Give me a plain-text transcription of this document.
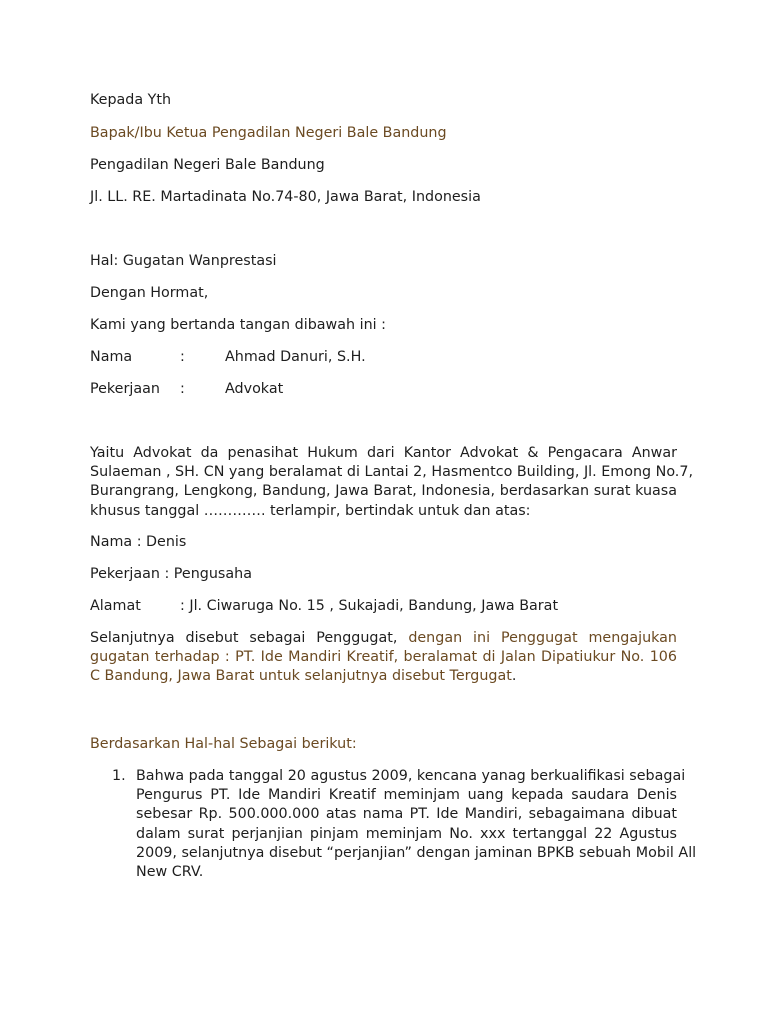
Kepada Yth
Bapak/Ibu Ketua Pengadilan Negeri Bale Bandung
Pengadilan Negeri Bale Bandung
Jl. LL. RE. Martadinata No.74-80, Jawa Barat, Indonesia
Hal: Gugatan Wanprestasi
Dengan Hormat,
Kami yang bertanda tangan dibawah ini :
Nama	:	Ahmad Danuri, S.H.
Pekerjaan :	Advokat
Yaitu Advokat da penasihat Hukum dari Kantor Advokat & Pengacara Anwar
Sulaeman , SH. CN yang beralamat di Lantai 2, Hasmentco Building, Jl. Emong No.7,
Burangrang, Lengkong, Bandung, Jawa Barat, Indonesia, berdasarkan surat kuasa
khusus tanggal …………. terlampir, bertindak untuk dan atas:
Nama : Denis
Pekerjaan : Pengusaha
Alamat	: Jl. Ciwaruga No. 15 , Sukajadi, Bandung, Jawa Barat
Selanjutnya disebut sebagai Penggugat, dengan ini Penggugat mengajukan
gugatan terhadap : PT. Ide Mandiri Kreatif, beralamat di Jalan Dipatiukur No. 106
C Bandung, Jawa Barat untuk selanjutnya disebut Tergugat.
Berdasarkan Hal-hal Sebagai berikut:
1. Bahwa pada tanggal 20 agustus 2009, kencana yanag berkualifikasi sebagai
Pengurus PT. Ide Mandiri Kreatif meminjam uang kepada saudara Denis
sebesar Rp. 500.000.000 atas nama PT. Ide Mandiri, sebagaimana dibuat
dalam surat perjanjian pinjam meminjam No. xxx tertanggal 22 Agustus
2009, selanjutnya disebut “perjanjian” dengan jaminan BPKB sebuah Mobil All
New CRV.
